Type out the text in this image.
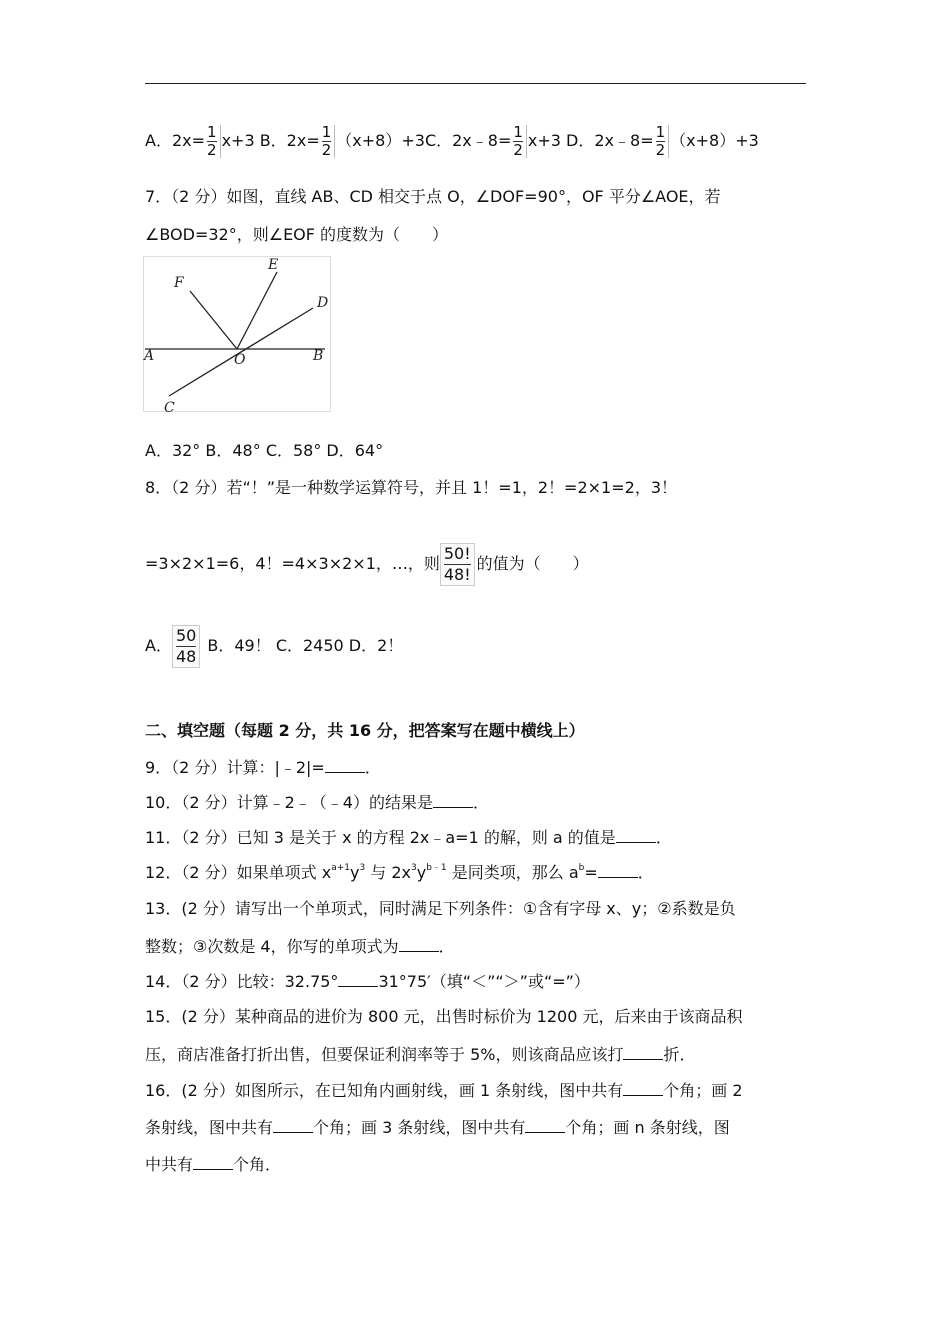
A．$2x= \frac{1}{2} x+3$ B．$2x= \frac{1}{2} (x+8)+3C$．2x﹣8= $\frac{1}{2} x+3$ D．2x﹣8= $\frac{1}{2} (x+8)+3$
7．（2 分）如图，直线 AB、CD 相交于点 O，∠DOF=90°，OF 平分∠AOE，若
∠BOD=32°，则∠EOF 的度数为（　　）
A	B
C
D
E
F
O
A．32° B．48° C．58° D．64°
8．（2 分）若“！”是一种数学运算符号，并且 1！=1，2！=2×1=2，3！
=3×2×1=6，4！=4×3×2×1，…，则 $\frac{50!}{48!}$ 的值为（　　）
A． $\frac{50}{48}$ B．49！ C．2450 D．2！
二、填空题（每题 2 分，共 16 分，把答案写在题中横线上）
9．（2 分）计算：|﹣2|=	．
10．（2 分）计算﹣2﹣（﹣4）的结果是	．
11．（2 分）已知 3 是关于 x 的方程 2x﹣a=1 的解，则 a 的值是	．
12．（2 分）如果单项式 $x^{a+1}y^3$ 与 $2x^3y^{b﹣1}$ 是同类项，那么 $a^b=$	．
13．(2 分）请写出一个单项式，同时满足下列条件：①含有字母 x、y；②系数是负
整数；③次数是 4，你写的单项式为	．
14．（2 分）比较：32.75°	31°75′（填“＜”“＞”或“=”）
15．(2 分）某种商品的进价为 800 元，出售时标价为 1200 元，后来由于该商品积
压，商店准备打折出售，但要保证利润率等于 5%，则该商品应该打	折．
16．(2 分）如图所示，在已知角内画射线，画 1 条射线，图中共有	个角；画 2
条射线，图中共有	个角；画 3 条射线，图中共有	个角；画 n 条射线，图
中共有	个角．
